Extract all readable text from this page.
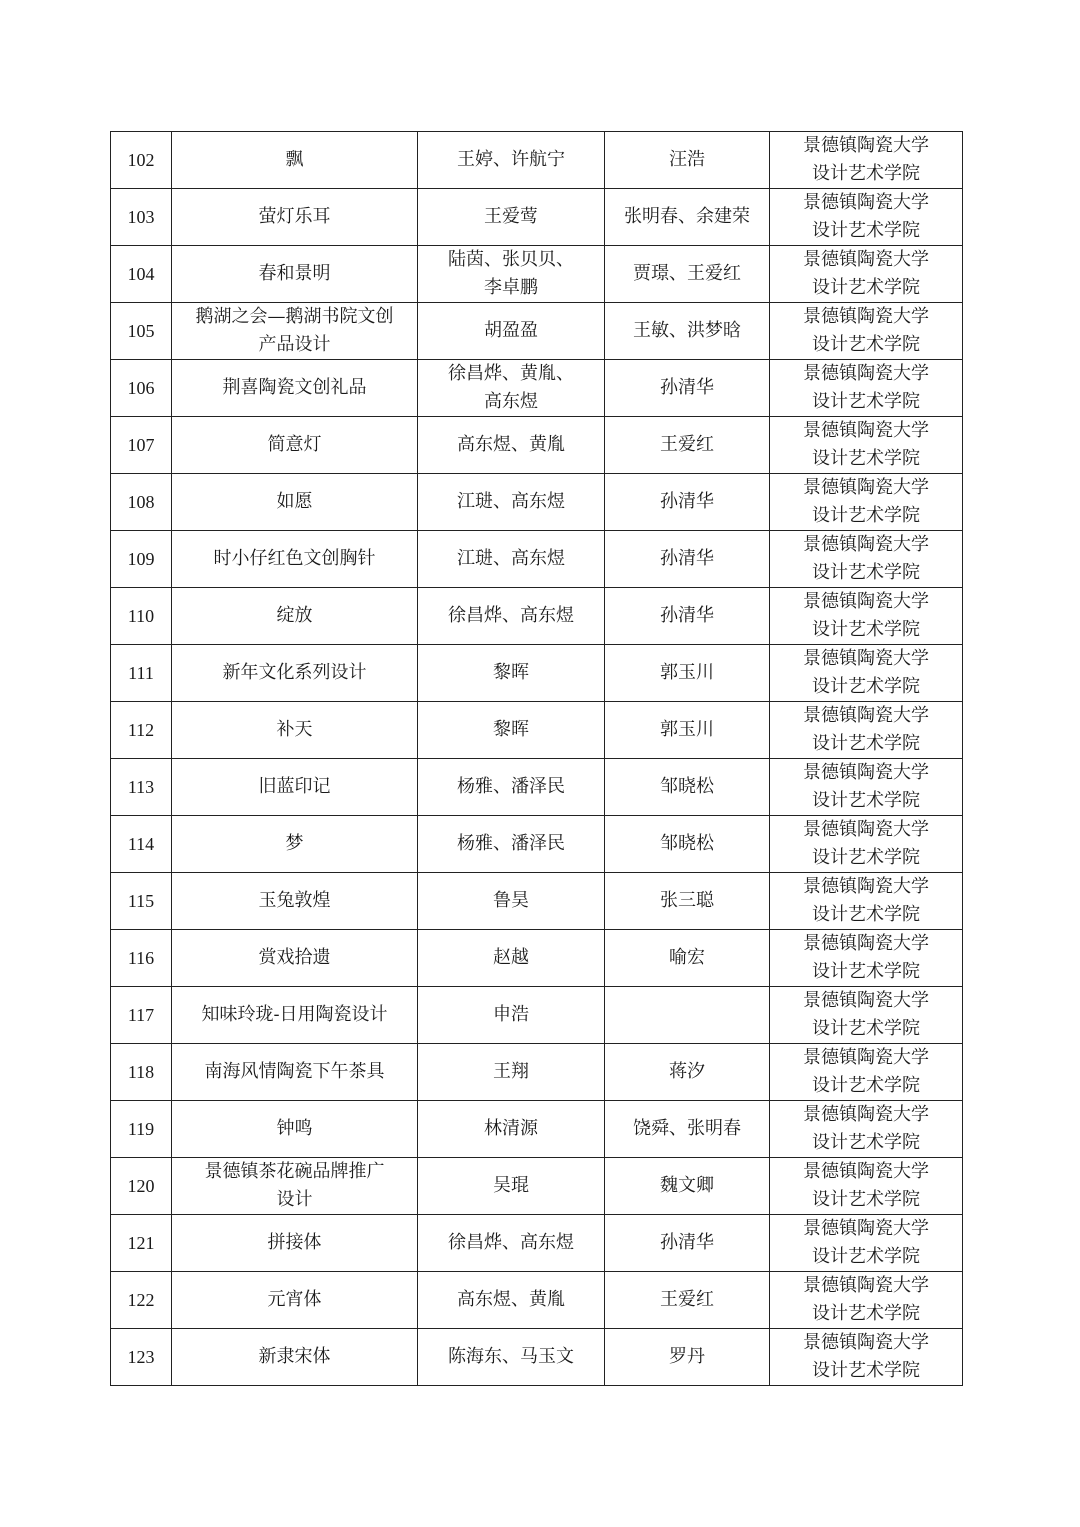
102	飘	王婷、许航宁	汪浩	景德镇陶瓷大学
设计艺术学院
103	萤灯乐耳	王爱莺	张明春、余建荣	景德镇陶瓷大学
设计艺术学院
104	春和景明	陆茵、张贝贝、
李卓鹏	贾璟、王爱红	景德镇陶瓷大学
设计艺术学院
105	鹅湖之会—鹅湖书院文创
产品设计	胡盈盈	王敏、洪梦晗	景德镇陶瓷大学
设计艺术学院
106	荆喜陶瓷文创礼品	徐昌烨、黄胤、
高东煜	孙清华	景德镇陶瓷大学
设计艺术学院
107	简意灯	高东煜、黄胤	王爱红	景德镇陶瓷大学
设计艺术学院
108	如愿	江琎、高东煜	孙清华	景德镇陶瓷大学
设计艺术学院
109	时小仔红色文创胸针	江琎、高东煜	孙清华	景德镇陶瓷大学
设计艺术学院
110	绽放	徐昌烨、高东煜	孙清华	景德镇陶瓷大学
设计艺术学院
111	新年文化系列设计	黎晖	郭玉川	景德镇陶瓷大学
设计艺术学院
112	补天	黎晖	郭玉川	景德镇陶瓷大学
设计艺术学院
113	旧蓝印记	杨雅、潘泽民	邹晓松	景德镇陶瓷大学
设计艺术学院
114	梦	杨雅、潘泽民	邹晓松	景德镇陶瓷大学
设计艺术学院
115	玉兔敦煌	鲁昊	张三聪	景德镇陶瓷大学
设计艺术学院
116	赏戏拾遗	赵越	喻宏	景德镇陶瓷大学
设计艺术学院
117	知味玲珑-日用陶瓷设计	申浩		景德镇陶瓷大学
设计艺术学院
118	南海风情陶瓷下午茶具	王翔	蒋汐	景德镇陶瓷大学
设计艺术学院
119	钟鸣	林清源	饶舜、张明春	景德镇陶瓷大学
设计艺术学院
120	景德镇茶花碗品牌推广
设计	吴琨	魏文卿	景德镇陶瓷大学
设计艺术学院
121	拼接体	徐昌烨、高东煜	孙清华	景德镇陶瓷大学
设计艺术学院
122	元宵体	高东煜、黄胤	王爱红	景德镇陶瓷大学
设计艺术学院
123	新隶宋体	陈海东、马玉文	罗丹	景德镇陶瓷大学
设计艺术学院
